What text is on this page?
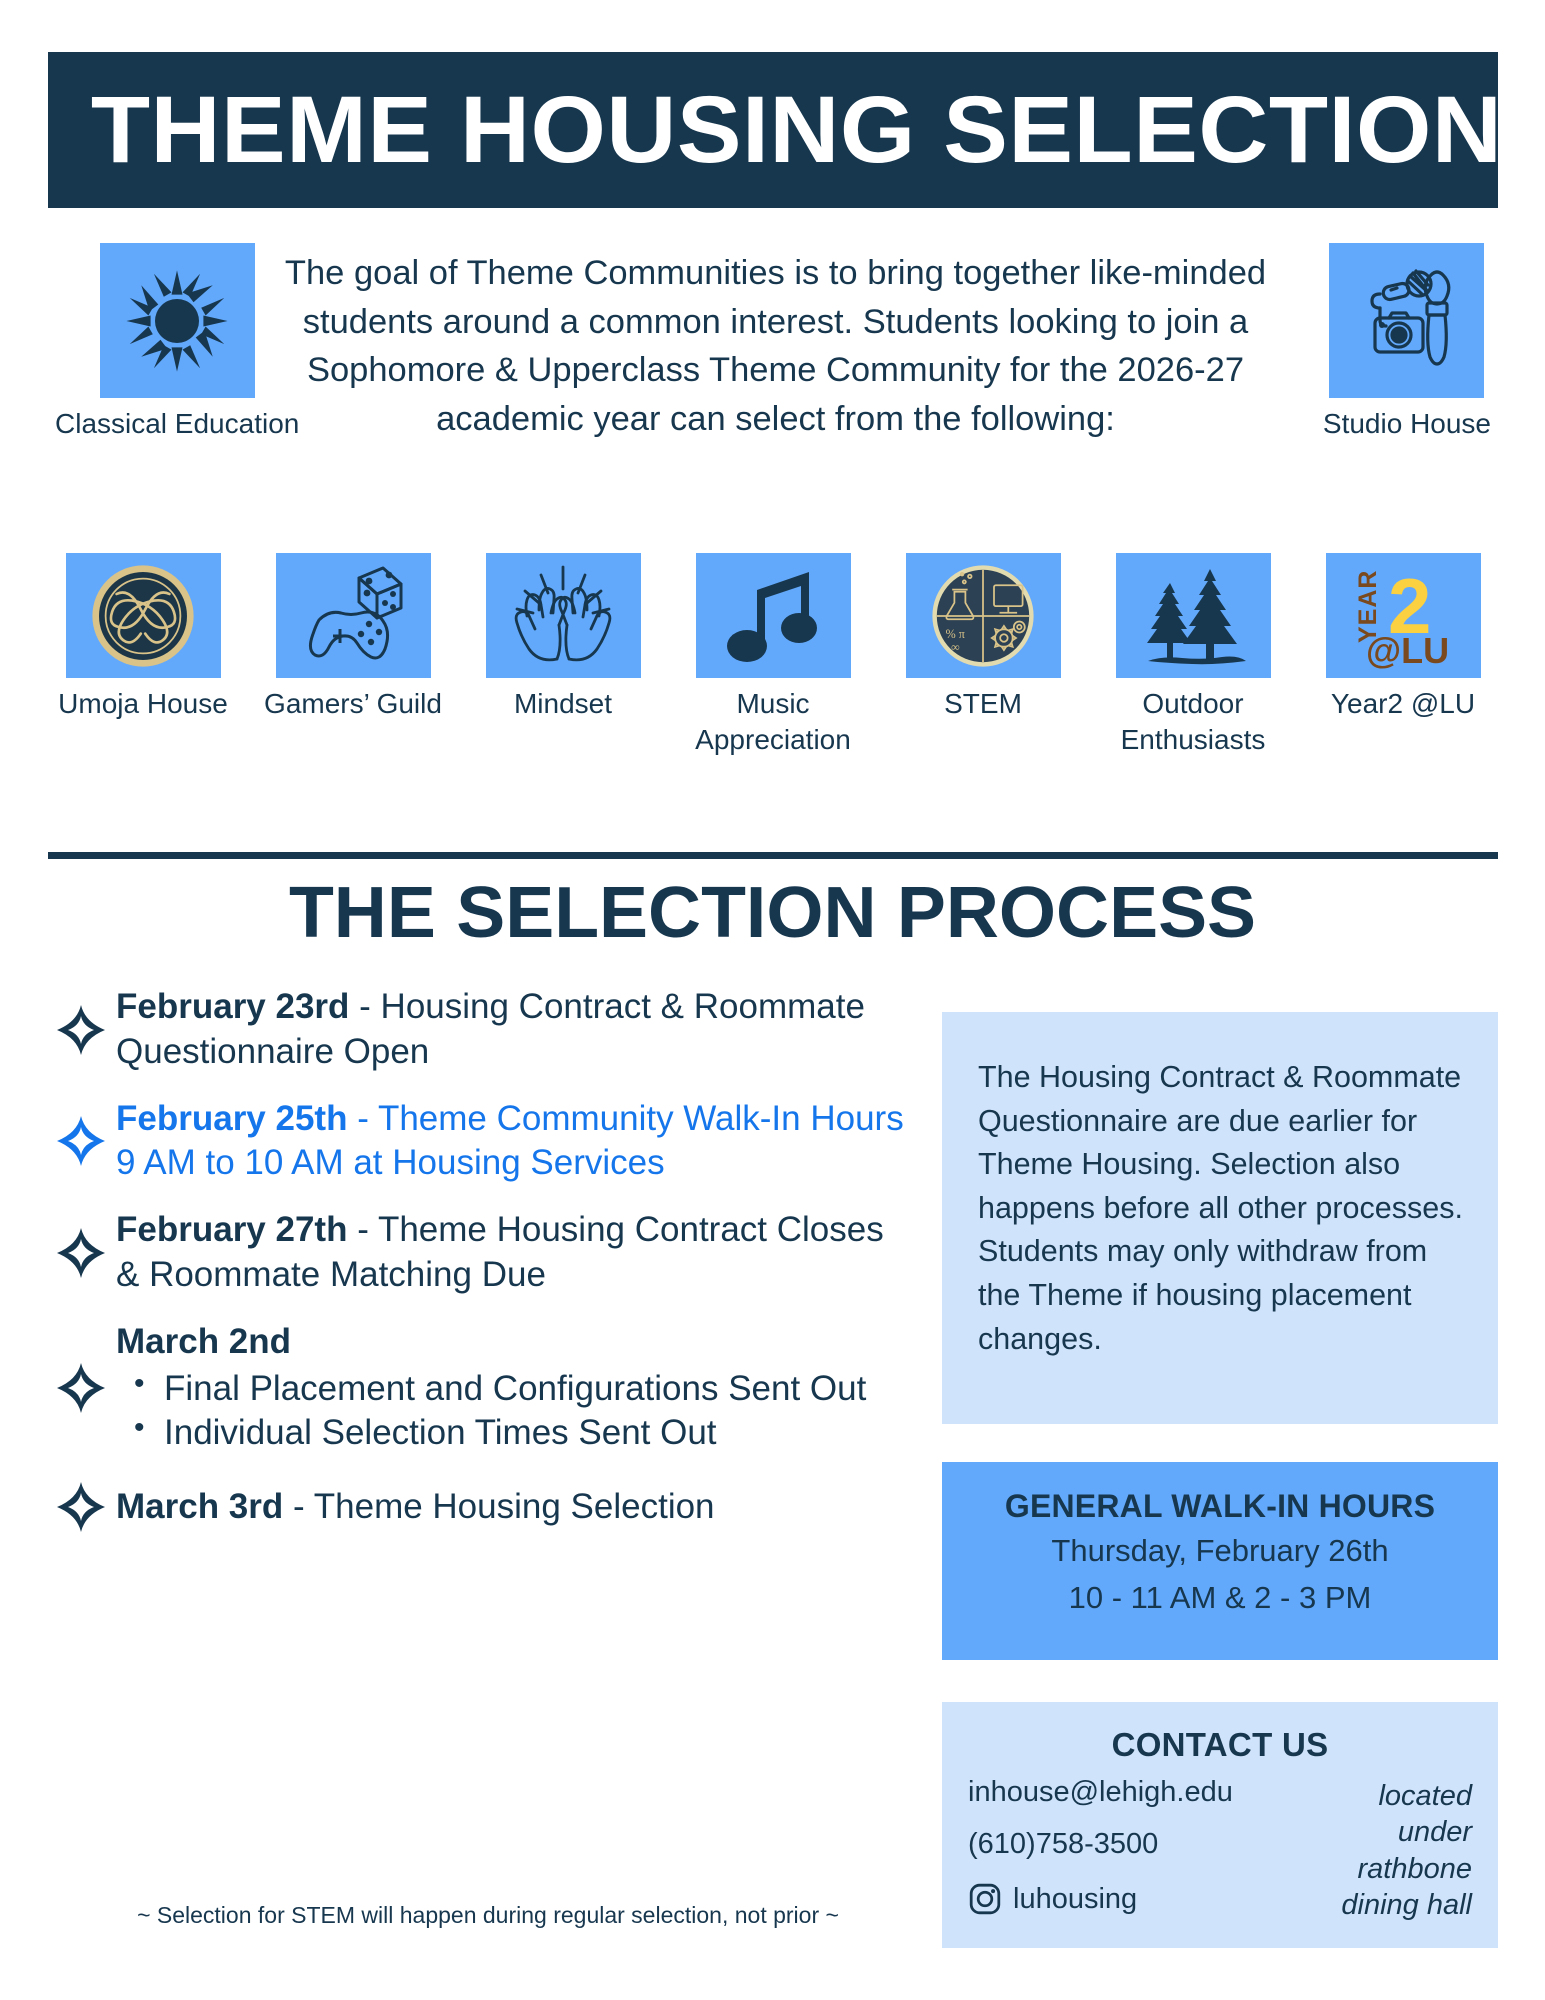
THEME HOUSING SELECTION
Classical Education
The goal of Theme Communities is to bring together like-minded students around a common interest. Students looking to join a Sophomore & Upperclass Theme Community for the 2026-27 academic year can select from the following:	Studio House
Umoja House Gamers’ Guild	Mindset	Music Appreciation
% π
∞
STEM	Outdoor Enthusiasts
YEAR 2
@LU
Year2 @LU
THE SELECTION PROCESS
February 23rd - Housing Contract & Roommate Questionnaire Open
February 25th - Theme Community Walk-In Hours 9 AM to 10 AM at Housing Services
February 27th - Theme Housing Contract Closes & Roommate Matching Due
March 2nd
• Final Placement and Configurations Sent Out
• Individual Selection Times Sent Out
March 3rd - Theme Housing Selection
~ Selection for STEM will happen during regular selection, not prior ~

The Housing Contract & Roommate Questionnaire are due earlier for Theme Housing. Selection also happens before all other processes. Students may only withdraw from the Theme if housing placement changes.

GENERAL WALK-IN HOURS
Thursday, February 26th
10 - 11 AM & 2 - 3 PM
CONTACT US
inhouse@lehigh.edu
(610)758-3500
luhousing
located under rathbone dining hall
